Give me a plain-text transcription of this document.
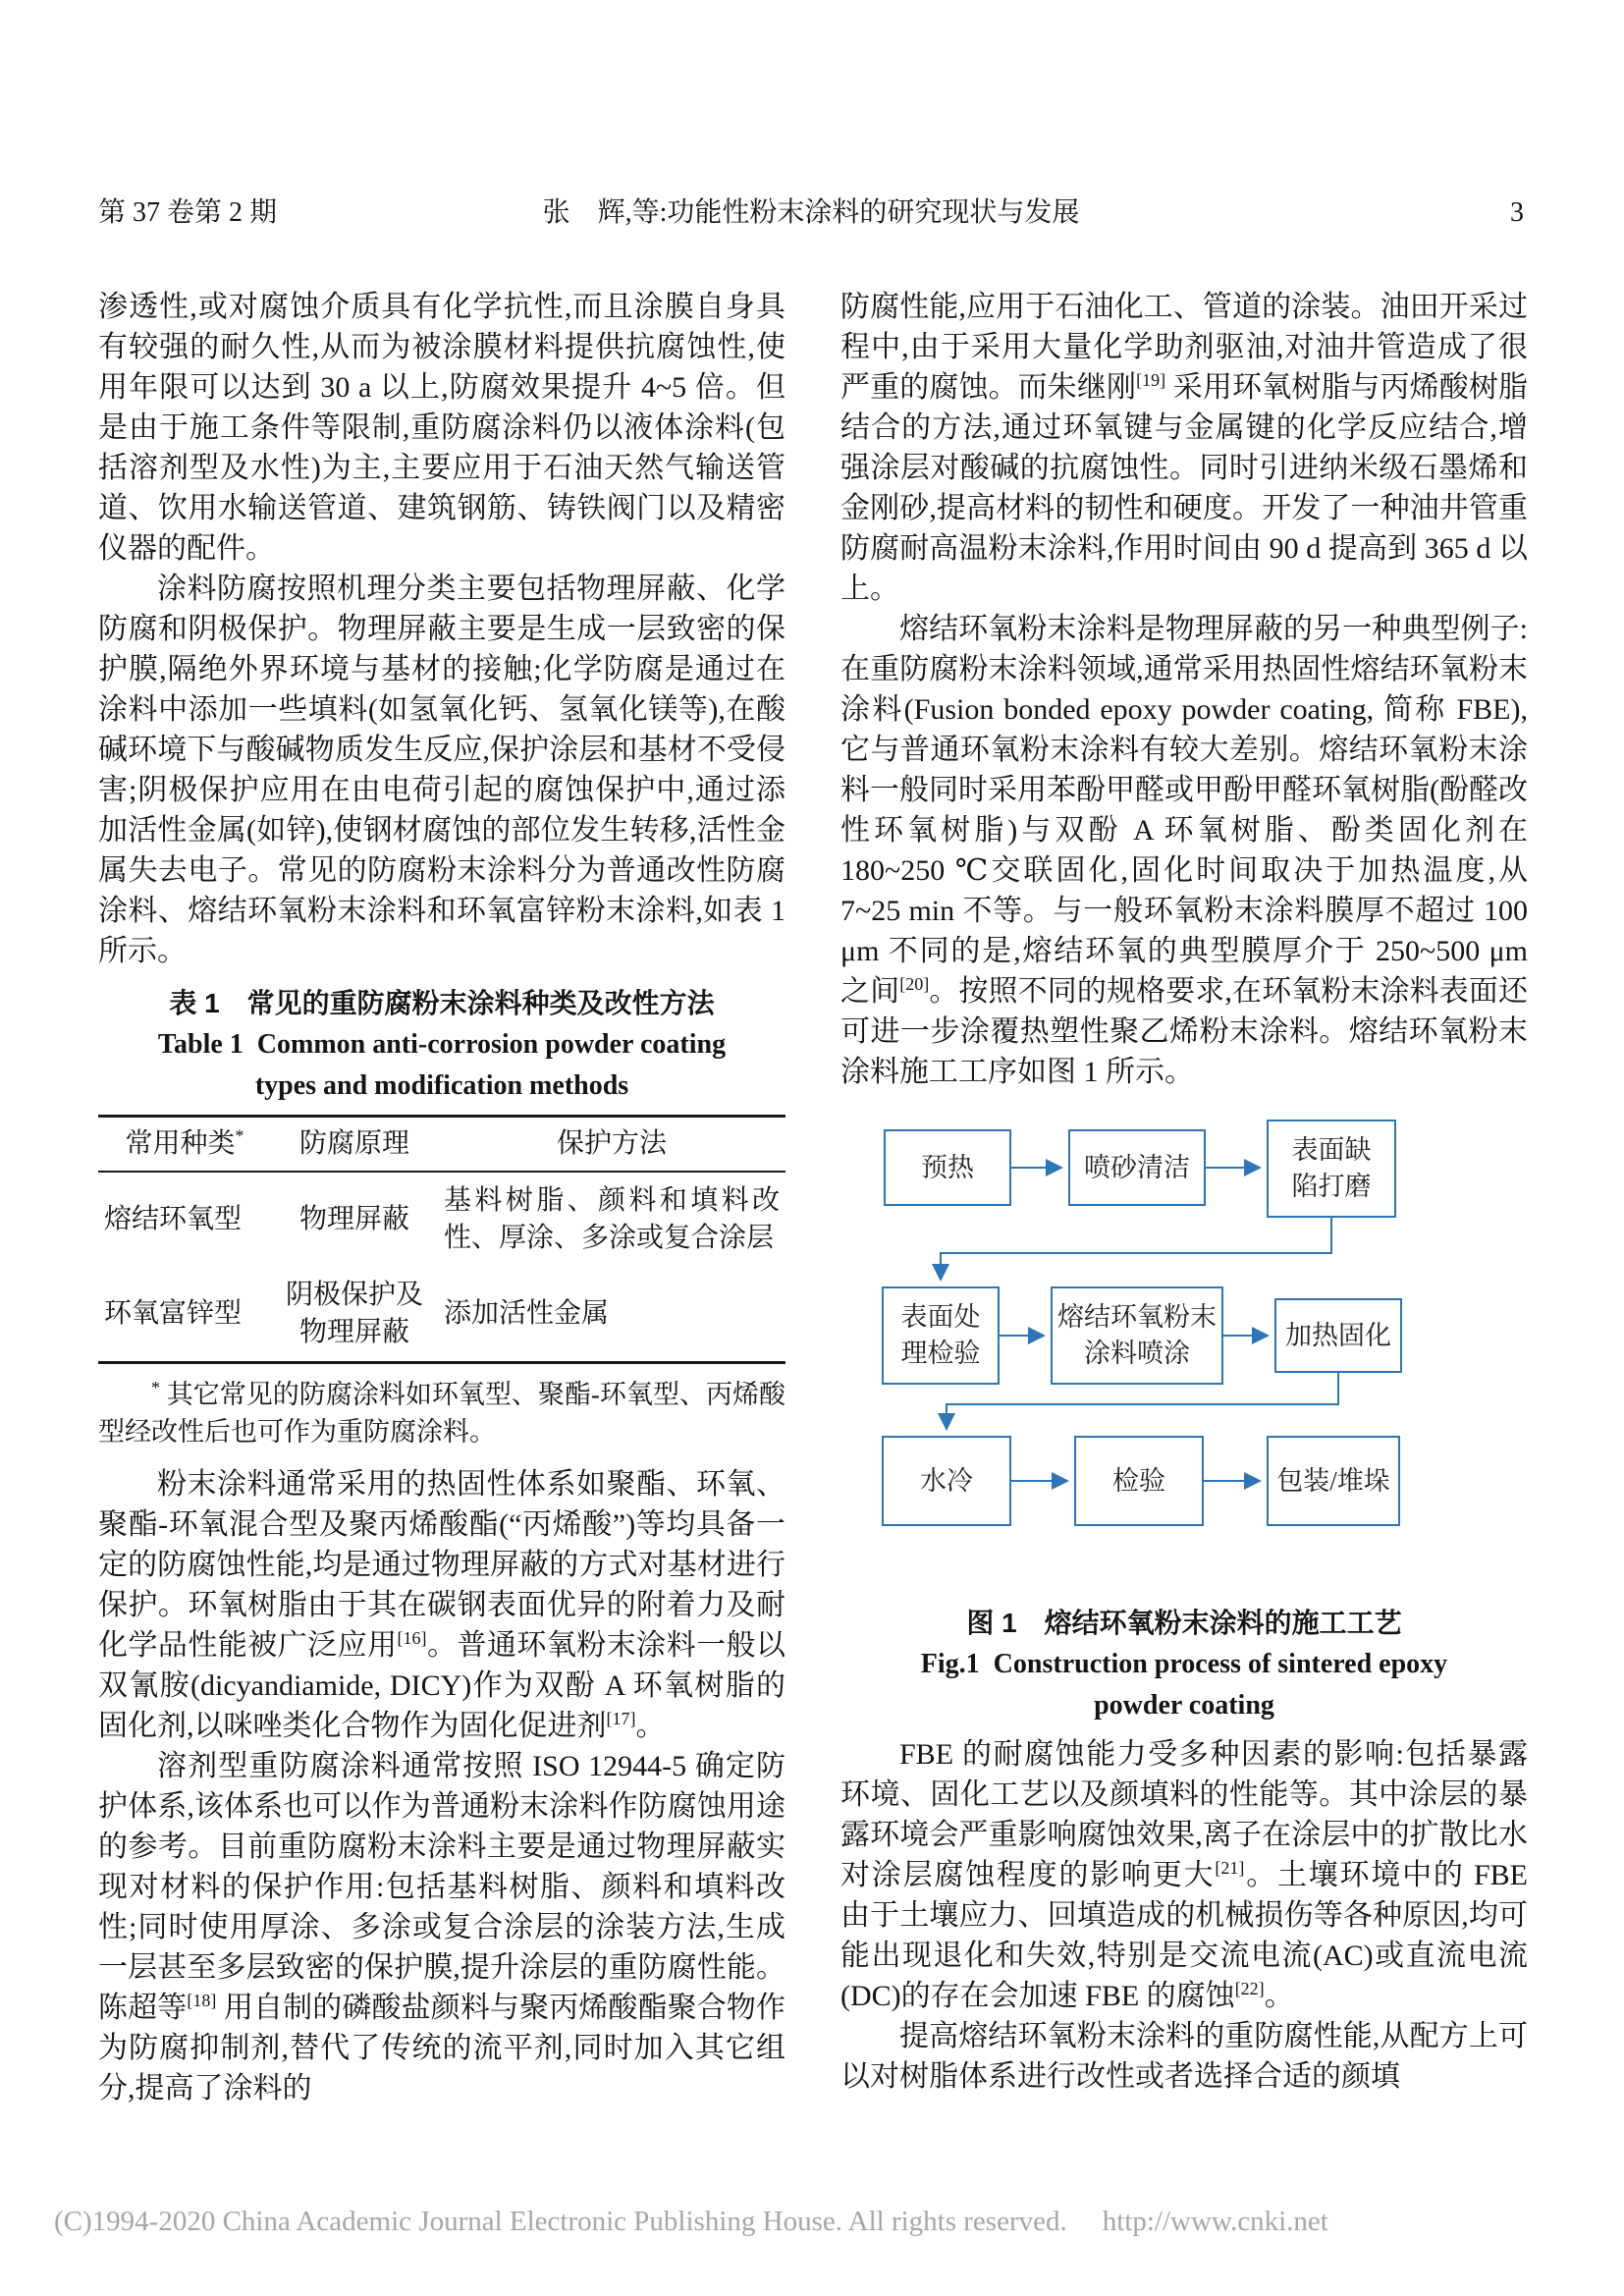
第 37 卷第 2 期	张　辉,等:功能性粉末涂料的研究现状与发展	3

渗透性,或对腐蚀介质具有化学抗性,而且涂膜自身具有较强的耐久性,从而为被涂膜材料提供抗腐蚀性,使用年限可以达到 30 a 以上,防腐效果提升 4~5 倍。但是由于施工条件等限制,重防腐涂料仍以液体涂料(包括溶剂型及水性)为主,主要应用于石油天然气输送管道、饮用水输送管道、建筑钢筋、铸铁阀门以及精密仪器的配件。

涂料防腐按照机理分类主要包括物理屏蔽、化学防腐和阴极保护。物理屏蔽主要是生成一层致密的保护膜,隔绝外界环境与基材的接触;化学防腐是通过在涂料中添加一些填料(如氢氧化钙、氢氧化镁等),在酸碱环境下与酸碱物质发生反应,保护涂层和基材不受侵害;阴极保护应用在由电荷引起的腐蚀保护中,通过添加活性金属(如锌),使钢材腐蚀的部位发生转移,活性金属失去电子。常见的防腐粉末涂料分为普通改性防腐涂料、熔结环氧粉末涂料和环氧富锌粉末涂料,如表 1 所示。

表 1　常见的重防腐粉末涂料种类及改性方法
Table 1  Common anti-corrosion powder coating
types and modification methods
常用种类*	防腐原理	保护方法
熔结环氧型	物理屏蔽	基料树脂、颜料和填料改性、厚涂、多涂或复合涂层
环氧富锌型	阴极保护及物理屏蔽	添加活性金属
* 其它常见的防腐涂料如环氧型、聚酯-环氧型、丙烯酸型经改性后也可作为重防腐涂料。

粉末涂料通常采用的热固性体系如聚酯、环氧、聚酯-环氧混合型及聚丙烯酸酯(“丙烯酸”)等均具备一定的防腐蚀性能,均是通过物理屏蔽的方式对基材进行保护。环氧树脂由于其在碳钢表面优异的附着力及耐化学品性能被广泛应用[16]。普通环氧粉末涂料一般以双氰胺(dicyandiamide, DICY)作为双酚 A 环氧树脂的固化剂,以咪唑类化合物作为固化促进剂[17]。

溶剂型重防腐涂料通常按照 ISO 12944-5 确定防护体系,该体系也可以作为普通粉末涂料作防腐蚀用途的参考。目前重防腐粉末涂料主要是通过物理屏蔽实现对材料的保护作用:包括基料树脂、颜料和填料改性;同时使用厚涂、多涂或复合涂层的涂装方法,生成一层甚至多层致密的保护膜,提升涂层的重防腐性能。陈超等[18] 用自制的磷酸盐颜料与聚丙烯酸酯聚合物作为防腐抑制剂,替代了传统的流平剂,同时加入其它组分,提高了涂料的

防腐性能,应用于石油化工、管道的涂装。油田开采过程中,由于采用大量化学助剂驱油,对油井管造成了很严重的腐蚀。而朱继刚[19] 采用环氧树脂与丙烯酸树脂结合的方法,通过环氧键与金属键的化学反应结合,增强涂层对酸碱的抗腐蚀性。同时引进纳米级石墨烯和金刚砂,提高材料的韧性和硬度。开发了一种油井管重防腐耐高温粉末涂料,作用时间由 90 d 提高到 365 d 以上。

熔结环氧粉末涂料是物理屏蔽的另一种典型例子:在重防腐粉末涂料领域,通常采用热固性熔结环氧粉末涂料(Fusion bonded epoxy powder coating, 简称 FBE),它与普通环氧粉末涂料有较大差别。熔结环氧粉末涂料一般同时采用苯酚甲醛或甲酚甲醛环氧树脂(酚醛改性环氧树脂)与双酚 A 环氧树脂、酚类固化剂在 180~250 ℃交联固化,固化时间取决于加热温度,从 7~25 min 不等。与一般环氧粉末涂料膜厚不超过 100 μm 不同的是,熔结环氧的典型膜厚介于 250~500 μm 之间[20]。按照不同的规格要求,在环氧粉末涂料表面还可进一步涂覆热塑性聚乙烯粉末涂料。熔结环氧粉末涂料施工工序如图 1 所示。

预热	喷砂清洁
表面缺
陷打磨
表面处
理检验
熔结环氧粉末
涂料喷涂
加热固化
水冷	检验	包装/堆垛
图 1　熔结环氧粉末涂料的施工工艺
Fig.1  Construction process of sintered epoxy
powder coating

FBE 的耐腐蚀能力受多种因素的影响:包括暴露环境、固化工艺以及颜填料的性能等。其中涂层的暴露环境会严重影响腐蚀效果,离子在涂层中的扩散比水对涂层腐蚀程度的影响更大[21]。土壤环境中的 FBE 由于土壤应力、回填造成的机械损伤等各种原因,均可能出现退化和失效,特别是交流电流(AC)或直流电流(DC)的存在会加速 FBE 的腐蚀[22]。

提高熔结环氧粉末涂料的重防腐性能,从配方上可以对树脂体系进行改性或者选择合适的颜填

(C)1994-2020 China Academic Journal Electronic Publishing House. All rights reserved. http://www.cnki.net
